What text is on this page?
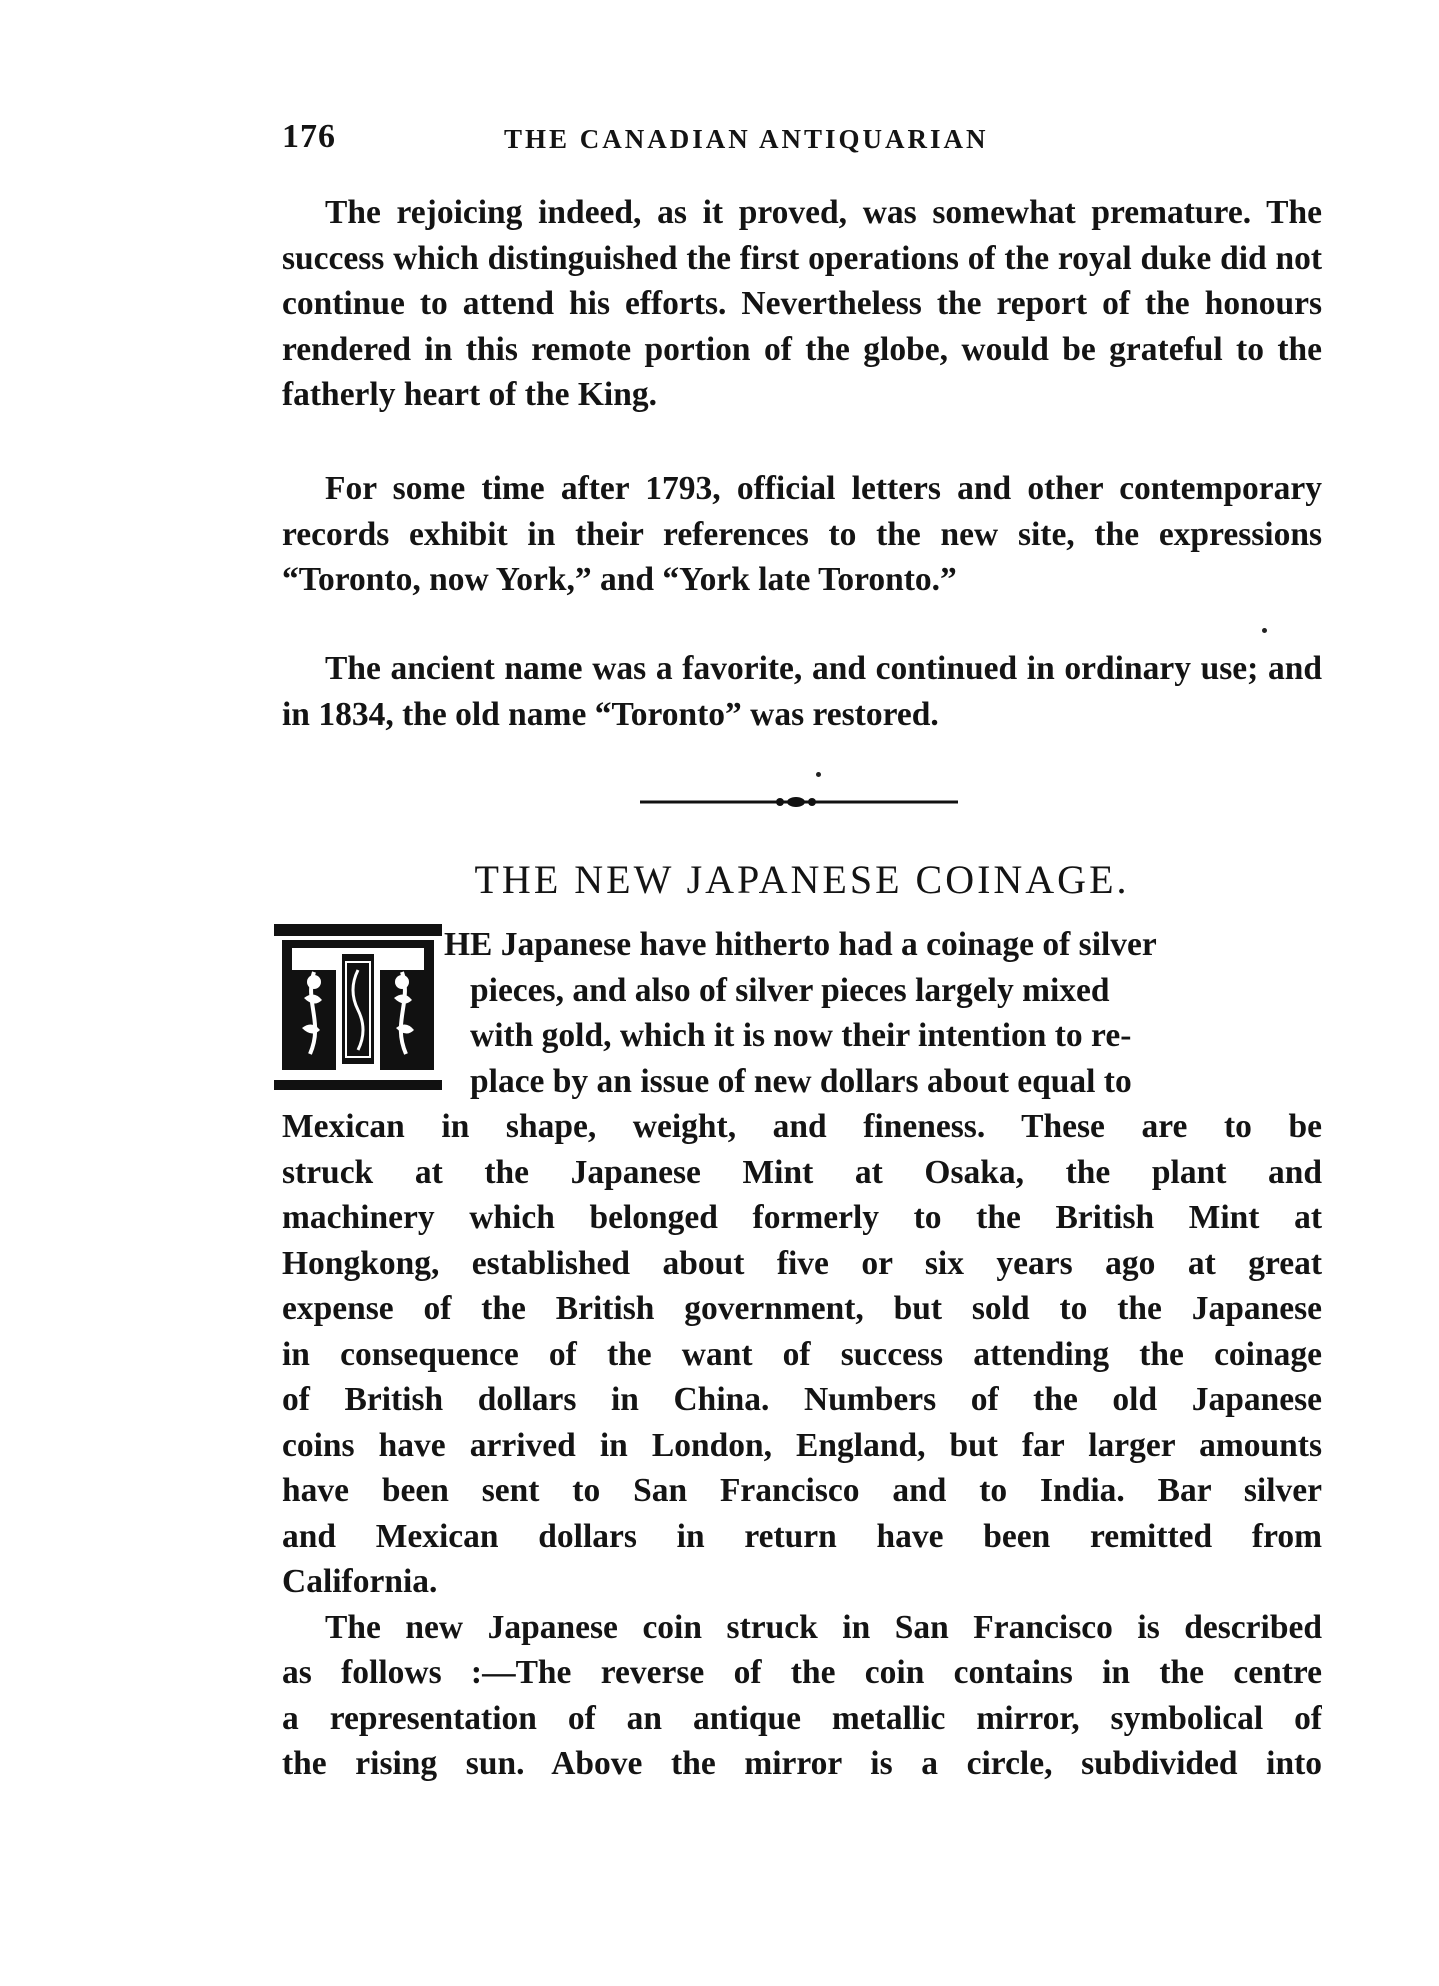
176	THE CANADIAN ANTIQUARIAN

The rejoicing indeed, as it proved, was somewhat premature. The success which distinguished the first operations of the royal duke did not continue to attend his efforts. Nevertheless the report of the honours rendered in this remote portion of the globe, would be grateful to the fatherly heart of the King.

For some time after 1793, official letters and other contemporary records exhibit in their references to the new site, the expressions “Toronto, now York,” and “York late Toronto.”

The ancient name was a favorite, and continued in ordinary use; and in 1834, the old name “Toronto” was restored.

THE NEW JAPANESE COINAGE.
HE Japanese have hitherto had a coinage of silver
pieces, and also of silver pieces largely mixed
with gold, which it is now their intention to re-
place by an issue of new dollars about equal to
Mexican in shape, weight, and fineness. These are to be
struck at the Japanese Mint at Osaka, the plant and
machinery which belonged formerly to the British Mint at
Hongkong, established about five or six years ago at great
expense of the British government, but sold to the Japanese
in consequence of the want of success attending the coinage
of British dollars in China. Numbers of the old Japanese
coins have arrived in London, England, but far larger amounts
have been sent to San Francisco and to India. Bar silver
and Mexican dollars in return have been remitted from
California.
The new Japanese coin struck in San Francisco is described
as follows :—The reverse of the coin contains in the centre
a representation of an antique metallic mirror, symbolical of
the rising sun. Above the mirror is a circle, subdivided into
